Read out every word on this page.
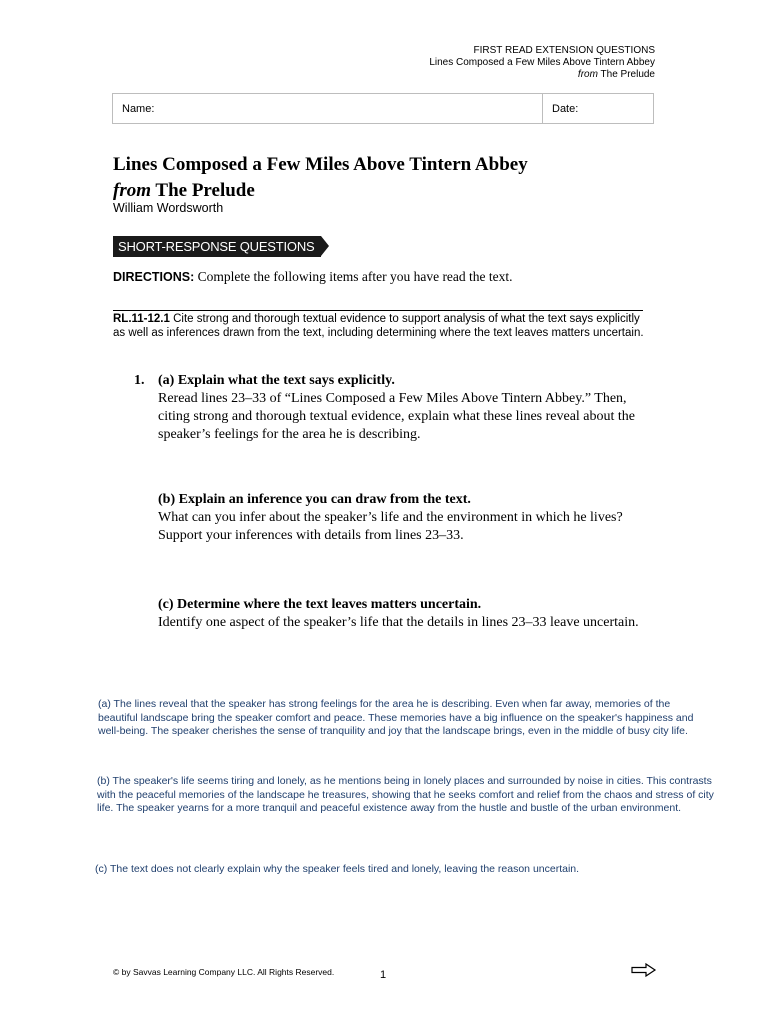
FIRST READ EXTENSION QUESTIONS
Lines Composed a Few Miles Above Tintern Abbey
from The Prelude
Name:	Date:
Lines Composed a Few Miles Above Tintern Abbey
from The Prelude
William Wordsworth
SHORT-RESPONSE QUESTIONS
DIRECTIONS: Complete the following items after you have read the text.
RL.11-12.1 Cite strong and thorough textual evidence to support analysis of what the text says explicitly as well as inferences drawn from the text, including determining where the text leaves matters uncertain.
1. (a) Explain what the text says explicitly.
Reread lines 23–33 of “Lines Composed a Few Miles Above Tintern Abbey.” Then, citing strong and thorough textual evidence, explain what these lines reveal about the speaker’s feelings for the area he is describing.
(b) Explain an inference you can draw from the text.
What can you infer about the speaker’s life and the environment in which he lives? Support your inferences with details from lines 23–33.
(c) Determine where the text leaves matters uncertain.
Identify one aspect of the speaker’s life that the details in lines 23–33 leave uncertain.
(a) The lines reveal that the speaker has strong feelings for the area he is describing. Even when far away, memories of the beautiful landscape bring the speaker comfort and peace. These memories have a big influence on the speaker's happiness and well-being. The speaker cherishes the sense of tranquility and joy that the landscape brings, even in the middle of busy city life.
(b) The speaker's life seems tiring and lonely, as he mentions being in lonely places and surrounded by noise in cities. This contrasts with the peaceful memories of the landscape he treasures, showing that he seeks comfort and relief from the chaos and stress of city life. The speaker yearns for a more tranquil and peaceful existence away from the hustle and bustle of the urban environment.
(c) The text does not clearly explain why the speaker feels tired and lonely, leaving the reason uncertain.
© by Savvas Learning Company LLC. All Rights Reserved.	1
